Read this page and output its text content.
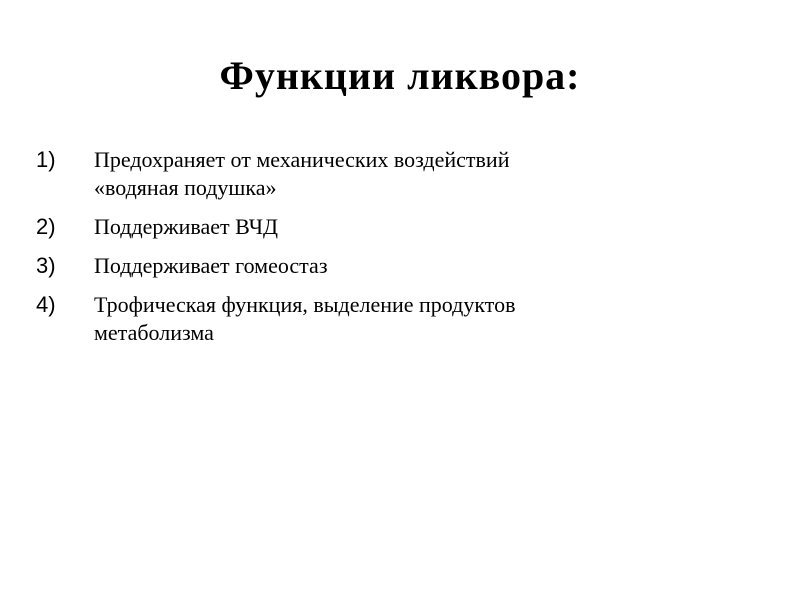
Функции ликвора:
1)	Предохраняет от механических воздействий
«водяная подушка»
2)	Поддерживает ВЧД
3)	Поддерживает гомеостаз
4)	Трофическая функция, выделение продуктов
метаболизма
